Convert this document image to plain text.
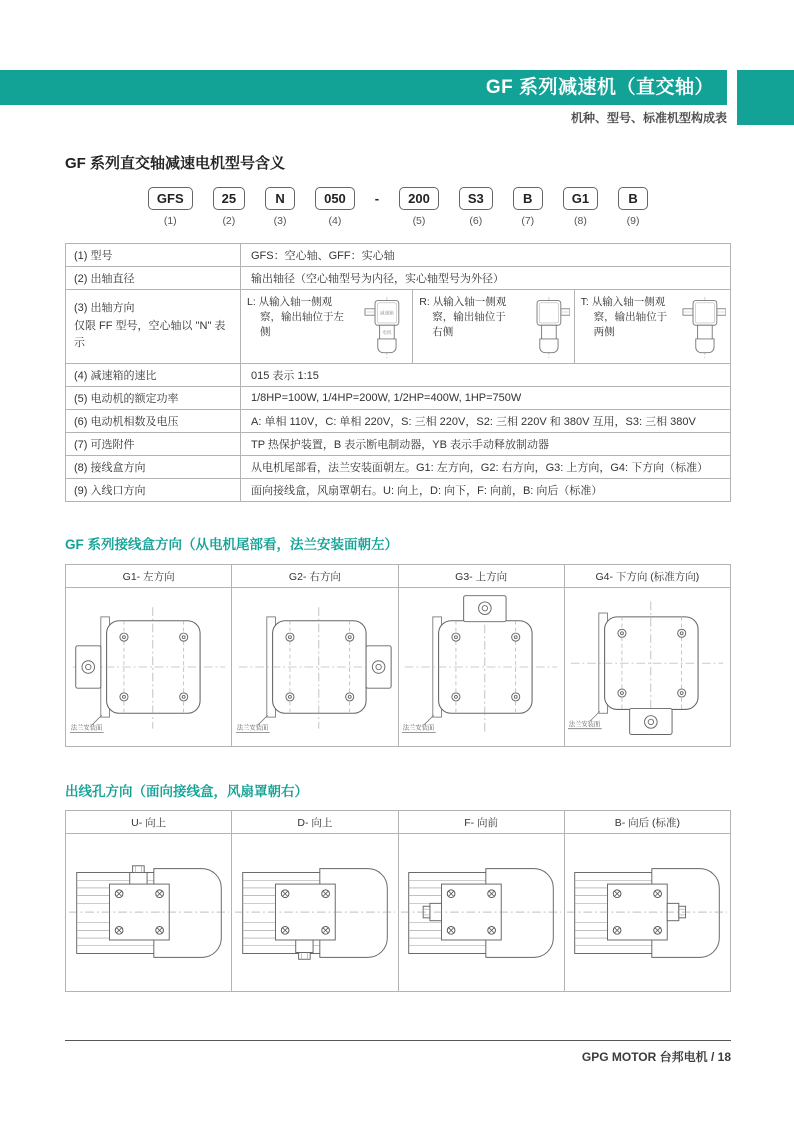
GF 系列减速机（直交轴）
机种、型号、标准机型构成表
GF 系列直交轴减速电机型号含义
GFS
(1)
25
(2)
N
(3)
050
(4)
-	200
(5)
S3
(6)
B
(7)
G1
(8)
B
(9)
(1) 型号	GFS：空心轴、GFF：实心轴
(2) 出轴直径	输出轴径（空心轴型号为内径，实心轴型号为外径）

(3) 出轴方向
仅限 FF 型号，空心轴以 "N" 表示

L: 从输入轴一侧观察，输出轴位于左侧
减速箱
电机
R: 从输入轴一侧观察，输出轴位于右侧
T: 从输入轴一侧观察，输出轴位于两侧

(4) 减速箱的速比	015 表示 1:15
(5) 电动机的额定功率	1/8HP=100W, 1/4HP=200W, 1/2HP=400W, 1HP=750W
(6) 电动机相数及电压	A: 单相 110V，C: 单相 220V，S: 三相 220V，S2: 三相 220V 和 380V 互用，S3: 三相 380V
(7) 可选附件	TP 热保护装置，B 表示断电制动器，YB 表示手动释放制动器
(8) 接线盒方向	从电机尾部看，法兰安装面朝左。G1: 左方向，G2: 右方向，G3: 上方向，G4: 下方向（标准）
(9) 入线口方向	面向接线盒，风扇罩朝右。U: 向上，D: 向下，F: 向前，B: 向后（标准）
GF 系列接线盒方向（从电机尾部看，法兰安装面朝左）
G1- 左方向	G2- 右方向	G3- 上方向	G4- 下方向 (标准方向)

法兰安装面	法兰安装面	法兰安装面	法兰安装面
出线孔方向（面向接线盒，风扇罩朝右）
U- 向上	D- 向上	F- 向前	B- 向后 (标准)

GPG MOTOR 台邦电机 / 18
